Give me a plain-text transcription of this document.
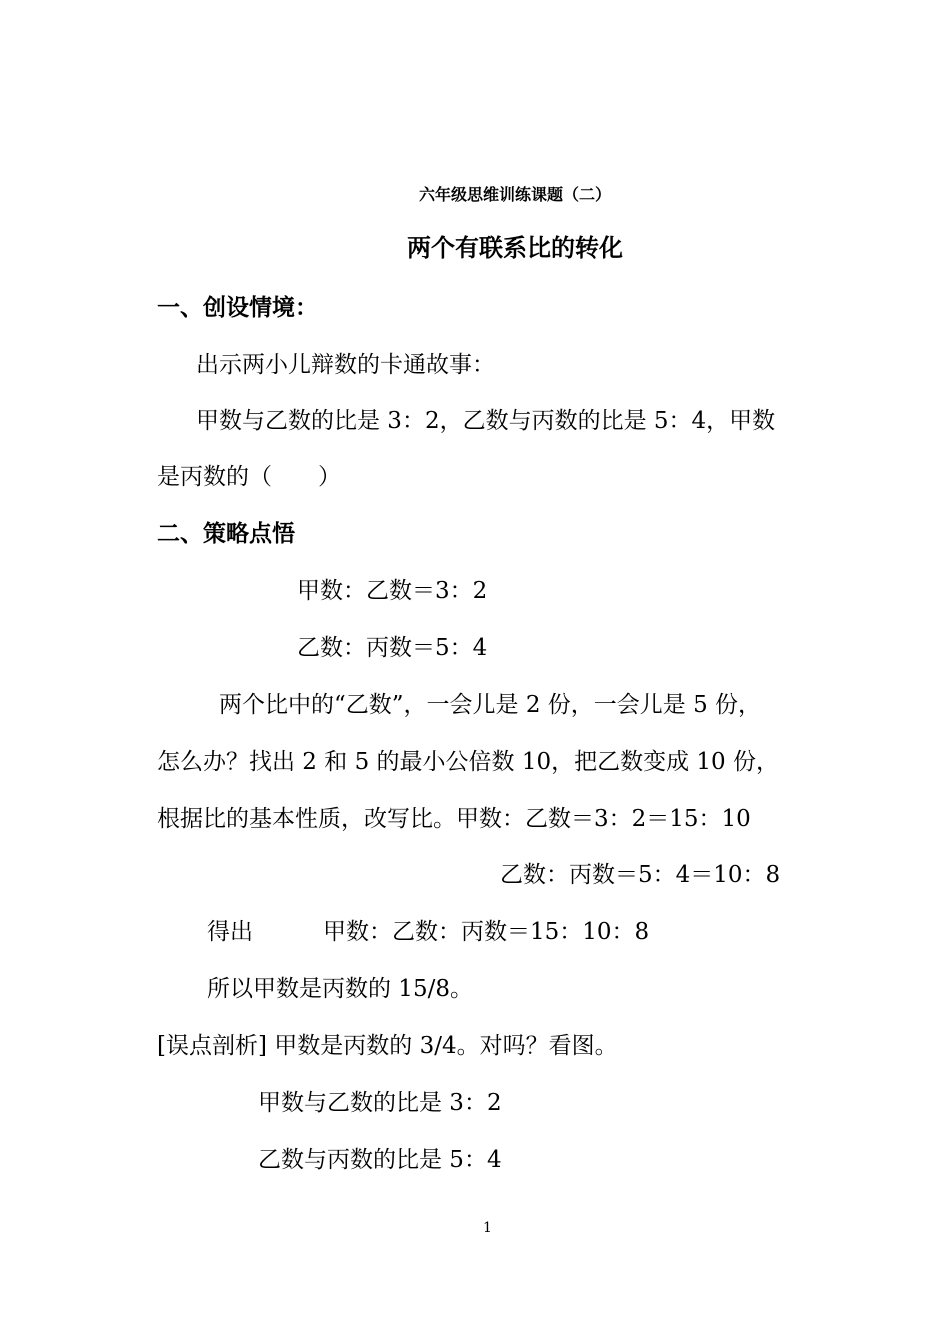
六年级思维训练课题（二）
两个有联系比的转化
一、创设情境：
出示两小儿辩数的卡通故事：
甲数与乙数的比是 3：2，乙数与丙数的比是 5：4，甲数
是丙数的（　　）
二、策略点悟
甲数：乙数＝3：2
乙数：丙数＝5：4
两个比中的“乙数”，一会儿是 2 份，一会儿是 5 份，
怎么办？找出 2 和 5 的最小公倍数 10，把乙数变成 10 份，
根据比的基本性质，改写比。甲数：乙数＝3：2＝15：10
乙数：丙数＝5：4＝10：8
得出	甲数：乙数：丙数＝15：10：8
所以甲数是丙数的 15/8。
[误点剖析] 甲数是丙数的 3/4。对吗？看图。
甲数与乙数的比是 3：2
乙数与丙数的比是 5：4
1
